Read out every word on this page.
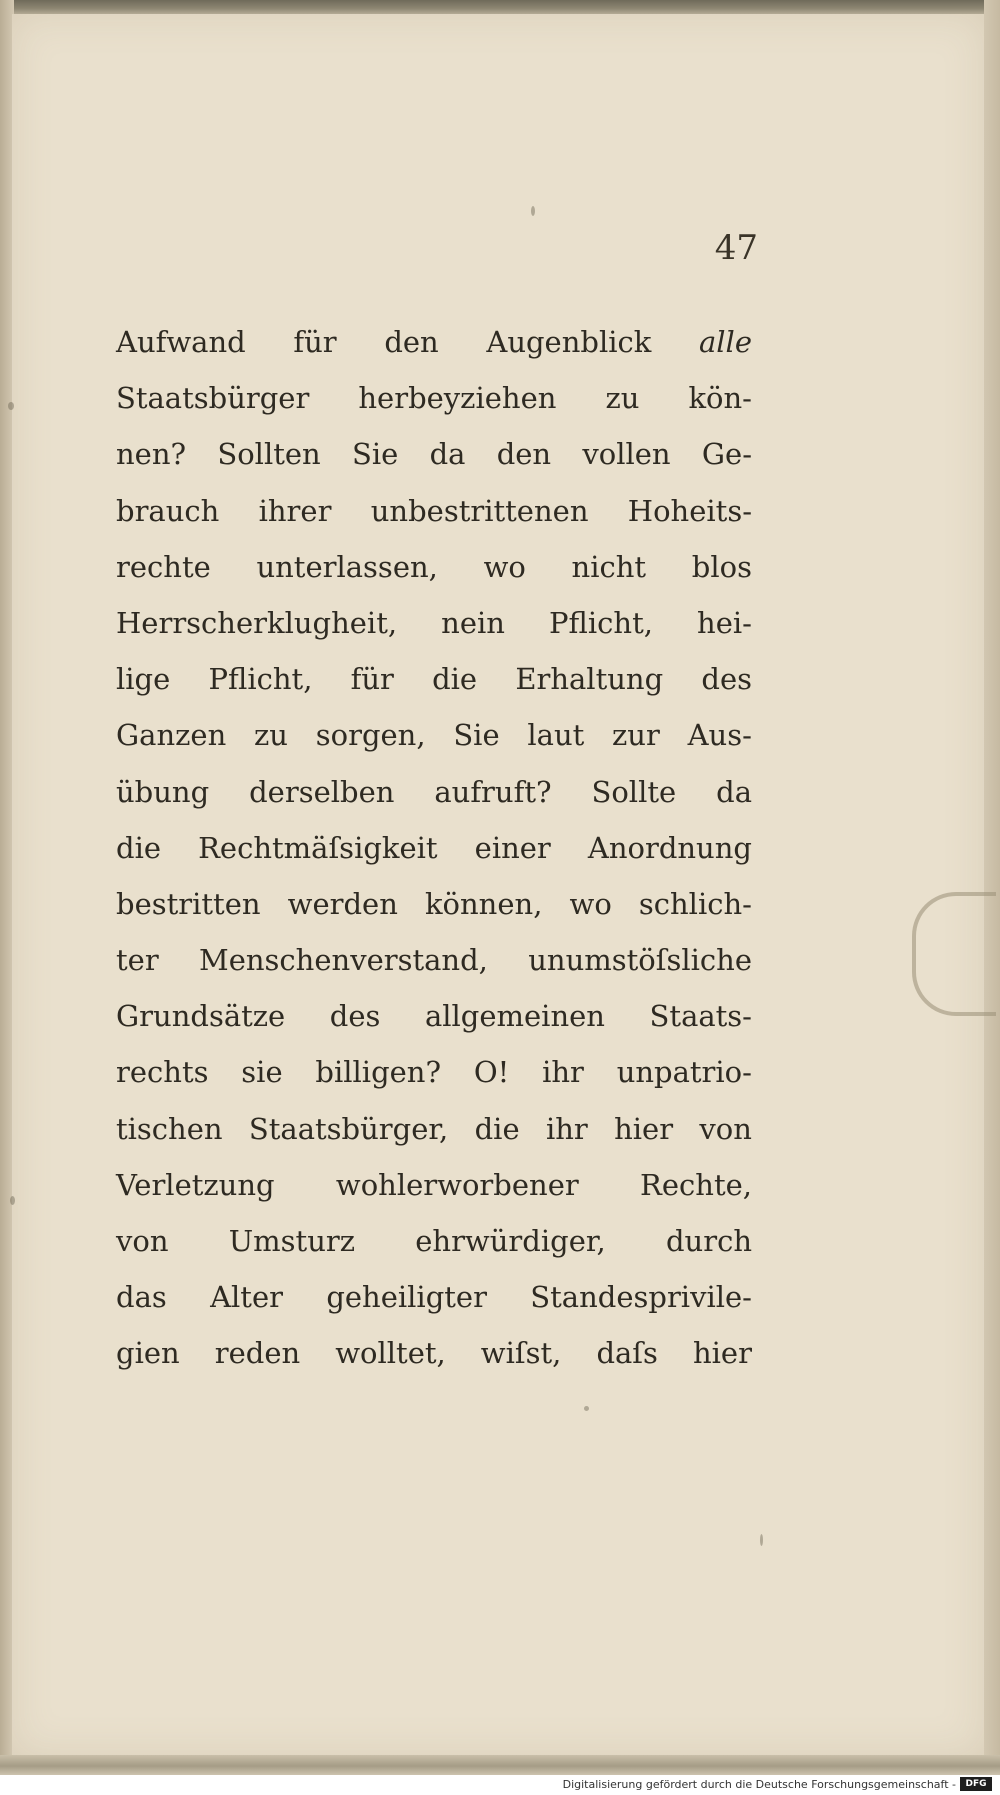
47
Aufwand für den Augenblick alle
Staatsbürger herbeyziehen zu kön-
nen? Sollten Sie da den vollen Ge-
brauch ihrer unbestrittenen Hoheits-
rechte unterlassen, wo nicht blos
Herrscherklugheit, nein Pflicht, hei-
lige Pflicht, für die Erhaltung des
Ganzen zu sorgen, Sie laut zur Aus-
übung derselben aufruft? Sollte da
die Rechtmäſsigkeit einer Anordnung
bestritten werden können, wo schlich-
ter Menschenverstand, unumstöſsliche
Grundsätze des allgemeinen Staats-
rechts sie billigen? O! ihr unpatrio-
tischen Staatsbürger, die ihr hier von
Verletzung wohlerworbener Rechte,
von Umsturz ehrwürdiger, durch
das Alter geheiligter Standesprivile-
gien reden wolltet, wiſst, daſs hier
Digitalisierung gefördert durch die Deutsche Forschungsgemeinschaft -	DFG
